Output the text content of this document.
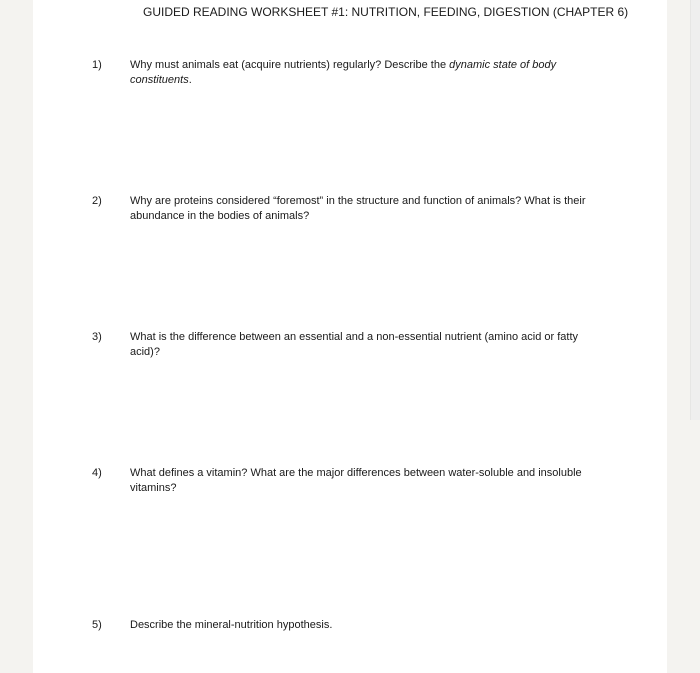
GUIDED READING WORKSHEET #1: NUTRITION, FEEDING, DIGESTION (CHAPTER 6)
1)	Why must animals eat (acquire nutrients) regularly? Describe the dynamic state of body constituents.
2)	Why are proteins considered “foremost” in the structure and function of animals? What is their abundance in the bodies of animals?
3)	What is the difference between an essential and a non-essential nutrient (amino acid or fatty acid)?
4)	What defines a vitamin? What are the major differences between water-soluble and insoluble vitamins?
5)	Describe the mineral-nutrition hypothesis.
